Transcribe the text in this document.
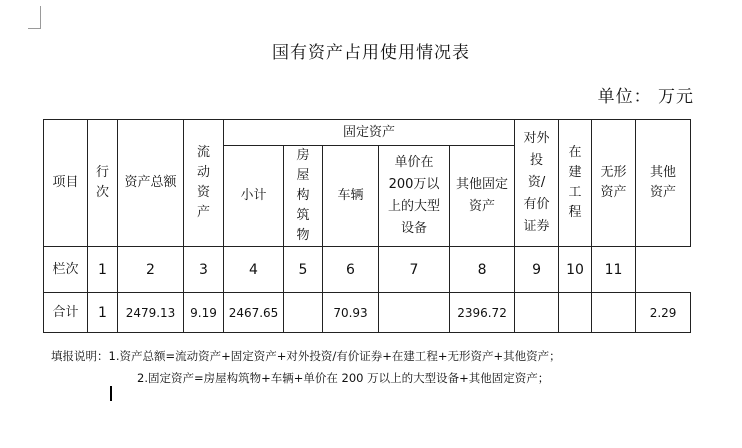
国有资产占用使用情况表
单位： 万元
项目	行次	资产总额	流动资产	固定资产					对外投资/有价证券	在建工程	无形资产	其他资产
				小计	房屋构筑物	车辆	单价在200万以上的大型设备	其他固定资产				
栏次	1	2	3	4	5	6	7	8	9	10	11	
合计	1	2479.13	9.19	2467.65		70.93		2396.72				2.29
填报说明：1.资产总额=流动资产+固定资产+对外投资/有价证券+在建工程+无形资产+其他资产；
2.固定资产=房屋构筑物+车辆+单价在 200 万以上的大型设备+其他固定资产；
